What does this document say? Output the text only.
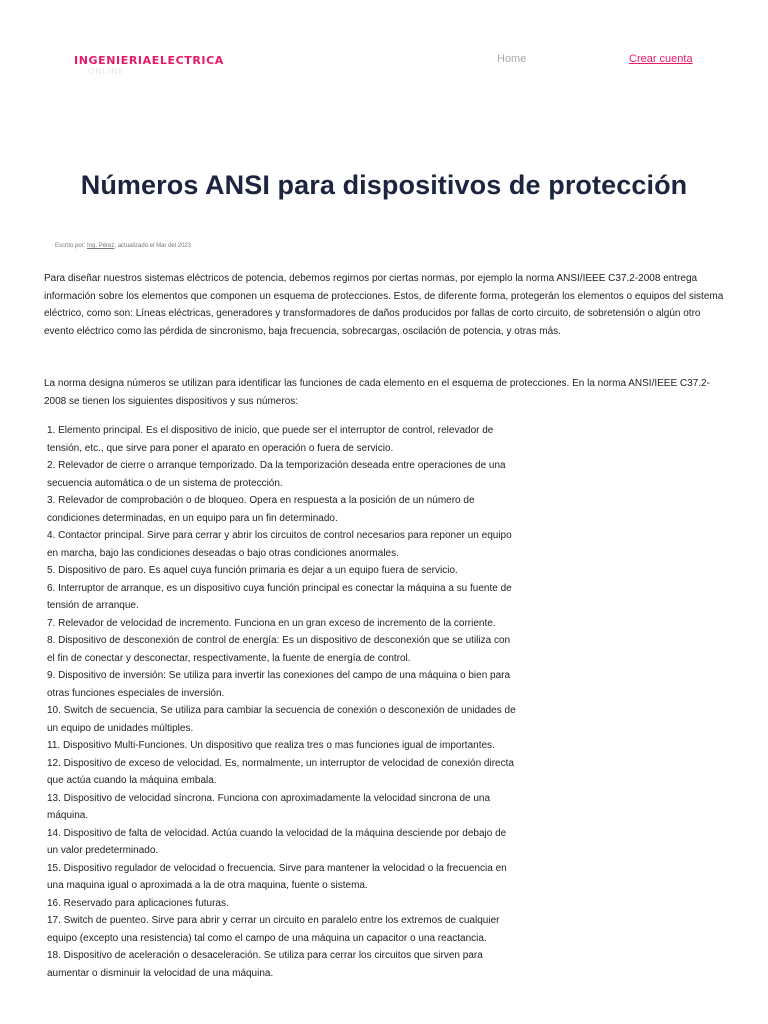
INGENIERIAELECTRICA
ONLINE
Home	Crear cuenta
Números ANSI para dispositivos de protección
Escrito por: Ing. Pérez, actualizado el Mar del 2023

Para diseñar nuestros sistemas eléctricos de potencia, debemos regirnos por ciertas normas, por ejemplo la norma ANSI/IEEE C37.2-2008 entrega información sobre los elementos que componen un esquema de protecciones. Estos, de diferente forma, protegerán los elementos o equipos del sistema eléctrico, como son: Líneas eléctricas, generadores y transformadores de daños producidos por fallas de corto circuito, de sobretensión o algún otro evento eléctrico como las pérdida de sincronismo, baja frecuencia, sobrecargas, oscilación de potencia, y otras más.

La norma designa números se utilizan para identificar las funciones de cada elemento en el esquema de protecciones. En la norma ANSI/IEEE C37.2-2008 se tienen los siguientes dispositivos y sus números:

1. Elemento principal. Es el dispositivo de inicio, que puede ser el interruptor de control, relevador de tensión, etc., que sirve para poner el aparato en operación o fuera de servicio.
2. Relevador de cierre o arranque temporizado. Da la temporización deseada entre operaciones de una secuencia automática o de un sistema de protección.
3. Relevador de comprobación o de bloqueo. Opera en respuesta a la posición de un número de condiciones determinadas, en un equipo para un fin determinado.
4. Contactor principal. Sirve para cerrar y abrir los circuitos de control necesarios para reponer un equipo en marcha, bajo las condiciones deseadas o bajo otras condiciones anormales.
5. Dispositivo de paro. Es aquel cuya función primaria es dejar a un equipo fuera de servicio.
6. Interruptor de arranque, es un dispositivo cuya función principal es conectar la máquina a su fuente de tensión de arranque.
7. Relevador de velocidad de incremento. Funciona en un gran exceso de incremento de la corriente.
8. Dispositivo de desconexión de control de energía: Es un dispositivo de desconexión que se utiliza con el fin de conectar y desconectar, respectivamente, la fuente de energía de control.
9. Dispositivo de inversión: Se utiliza para invertir las conexiones del campo de una máquina o bien para otras funciones especiales de inversión.
10. Switch de secuencia, Se utiliza para cambiar la secuencia de conexión o desconexión de unidades de un equipo de unidades múltiples.
11. Dispositivo Multi-Funciones. Un dispositivo que realiza tres o mas funciones igual de importantes.
12. Dispositivo de exceso de velocidad. Es, normalmente, un interruptor de velocidad de conexión directa que actúa cuando la máquina embala.
13. Dispositivo de velocidad síncrona. Funciona con aproximadamente la velocidad sincrona de una máquina.
14. Dispositivo de falta de velocidad. Actúa cuando la velocidad de la máquina desciende por debajo de un valor predeterminado.
15. Dispositivo regulador de velocidad o frecuencia. Sirve para mantener la velocidad o la frecuencia en una maquina igual o aproximada a la de otra maquina, fuente o sistema.
16. Reservado para aplicaciones futuras.
17. Switch de puenteo. Sirve para abrir y cerrar un circuito en paralelo entre los extremos de cualquier equipo (excepto una resistencia) tal como el campo de una máquina un capacitor o una reactancia.
18. Dispositivo de aceleración o desaceleración. Se utiliza para cerrar los circuitos que sirven para aumentar o disminuir la velocidad de una máquina.
